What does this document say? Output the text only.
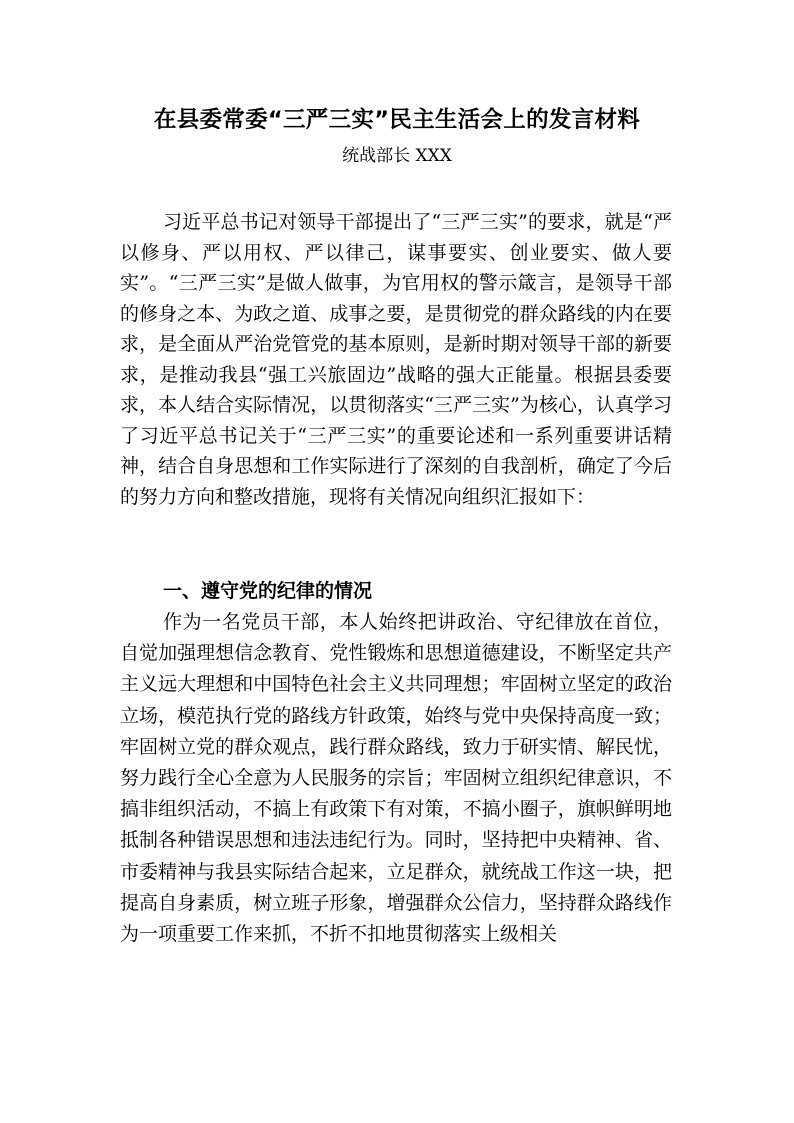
在县委常委“三严三实”民主生活会上的发言材料
统战部长 XXX

习近平总书记对领导干部提出了“三严三实”的要求，就是“严以修身、严以用权、严以律己，谋事要实、创业要实、做人要实”。“三严三实”是做人做事，为官用权的警示箴言，是领导干部的修身之本、为政之道、成事之要，是贯彻党的群众路线的内在要求，是全面从严治党管党的基本原则，是新时期对领导干部的新要求，是推动我县“强工兴旅固边”战略的强大正能量。根据县委要求，本人结合实际情况，以贯彻落实“三严三实”为核心，认真学习了习近平总书记关于“三严三实”的重要论述和一系列重要讲话精神，结合自身思想和工作实际进行了深刻的自我剖析，确定了今后的努力方向和整改措施，现将有关情况向组织汇报如下：

一、遵守党的纪律的情况

作为一名党员干部，本人始终把讲政治、守纪律放在首位，自觉加强理想信念教育、党性锻炼和思想道德建设，不断坚定共产主义远大理想和中国特色社会主义共同理想；牢固树立坚定的政治立场，模范执行党的路线方针政策，始终与党中央保持高度一致；牢固树立党的群众观点，践行群众路线，致力于研实情、解民忧，努力践行全心全意为人民服务的宗旨；牢固树立组织纪律意识，不搞非组织活动，不搞上有政策下有对策，不搞小圈子，旗帜鲜明地抵制各种错误思想和违法违纪行为。同时，坚持把中央精神、省、市委精神与我县实际结合起来，立足群众，就统战工作这一块，把提高自身素质，树立班子形象，增强群众公信力，坚持群众路线作为一项重要工作来抓，不折不扣地贯彻落实上级相关
